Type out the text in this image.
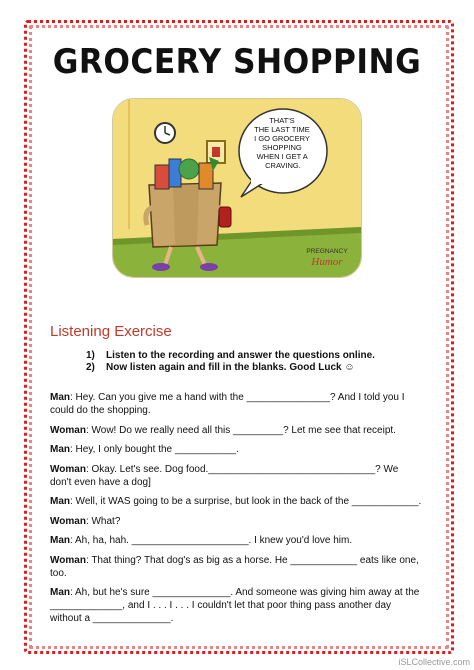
GROCERY SHOPPING
THAT'S THE LAST TIME I GO GROCERY SHOPPING WHEN I GET A CRAVING.
PREGNANCY
Humor
Listening Exercise
1)	Listen to the recording and answer the questions online.
2)	Now listen again and fill in the blanks. Good Luck ☺
Man: Hey. Can you give me a hand with the _______________? And I told you I could do the shopping.
Woman: Wow! Do we really need all this _________? Let me see that receipt.
Man: Hey, I only bought the ___________.
Woman: Okay. Let's see. Dog food.______________________________? We don't even have a dog]
Man: Well, it WAS going to be a surprise, but look in the back of the ____________.
Woman: What?
Man: Ah, ha, hah. _____________________. I knew you'd love him.
Woman: That thing? That dog's as big as a horse. He ____________ eats like one, too.
Man: Ah, but he's sure ______________. And someone was giving him away at the _____________, and I . . . I . . . I couldn't let that poor thing pass another day without a ______________.
iSLCollective.com
